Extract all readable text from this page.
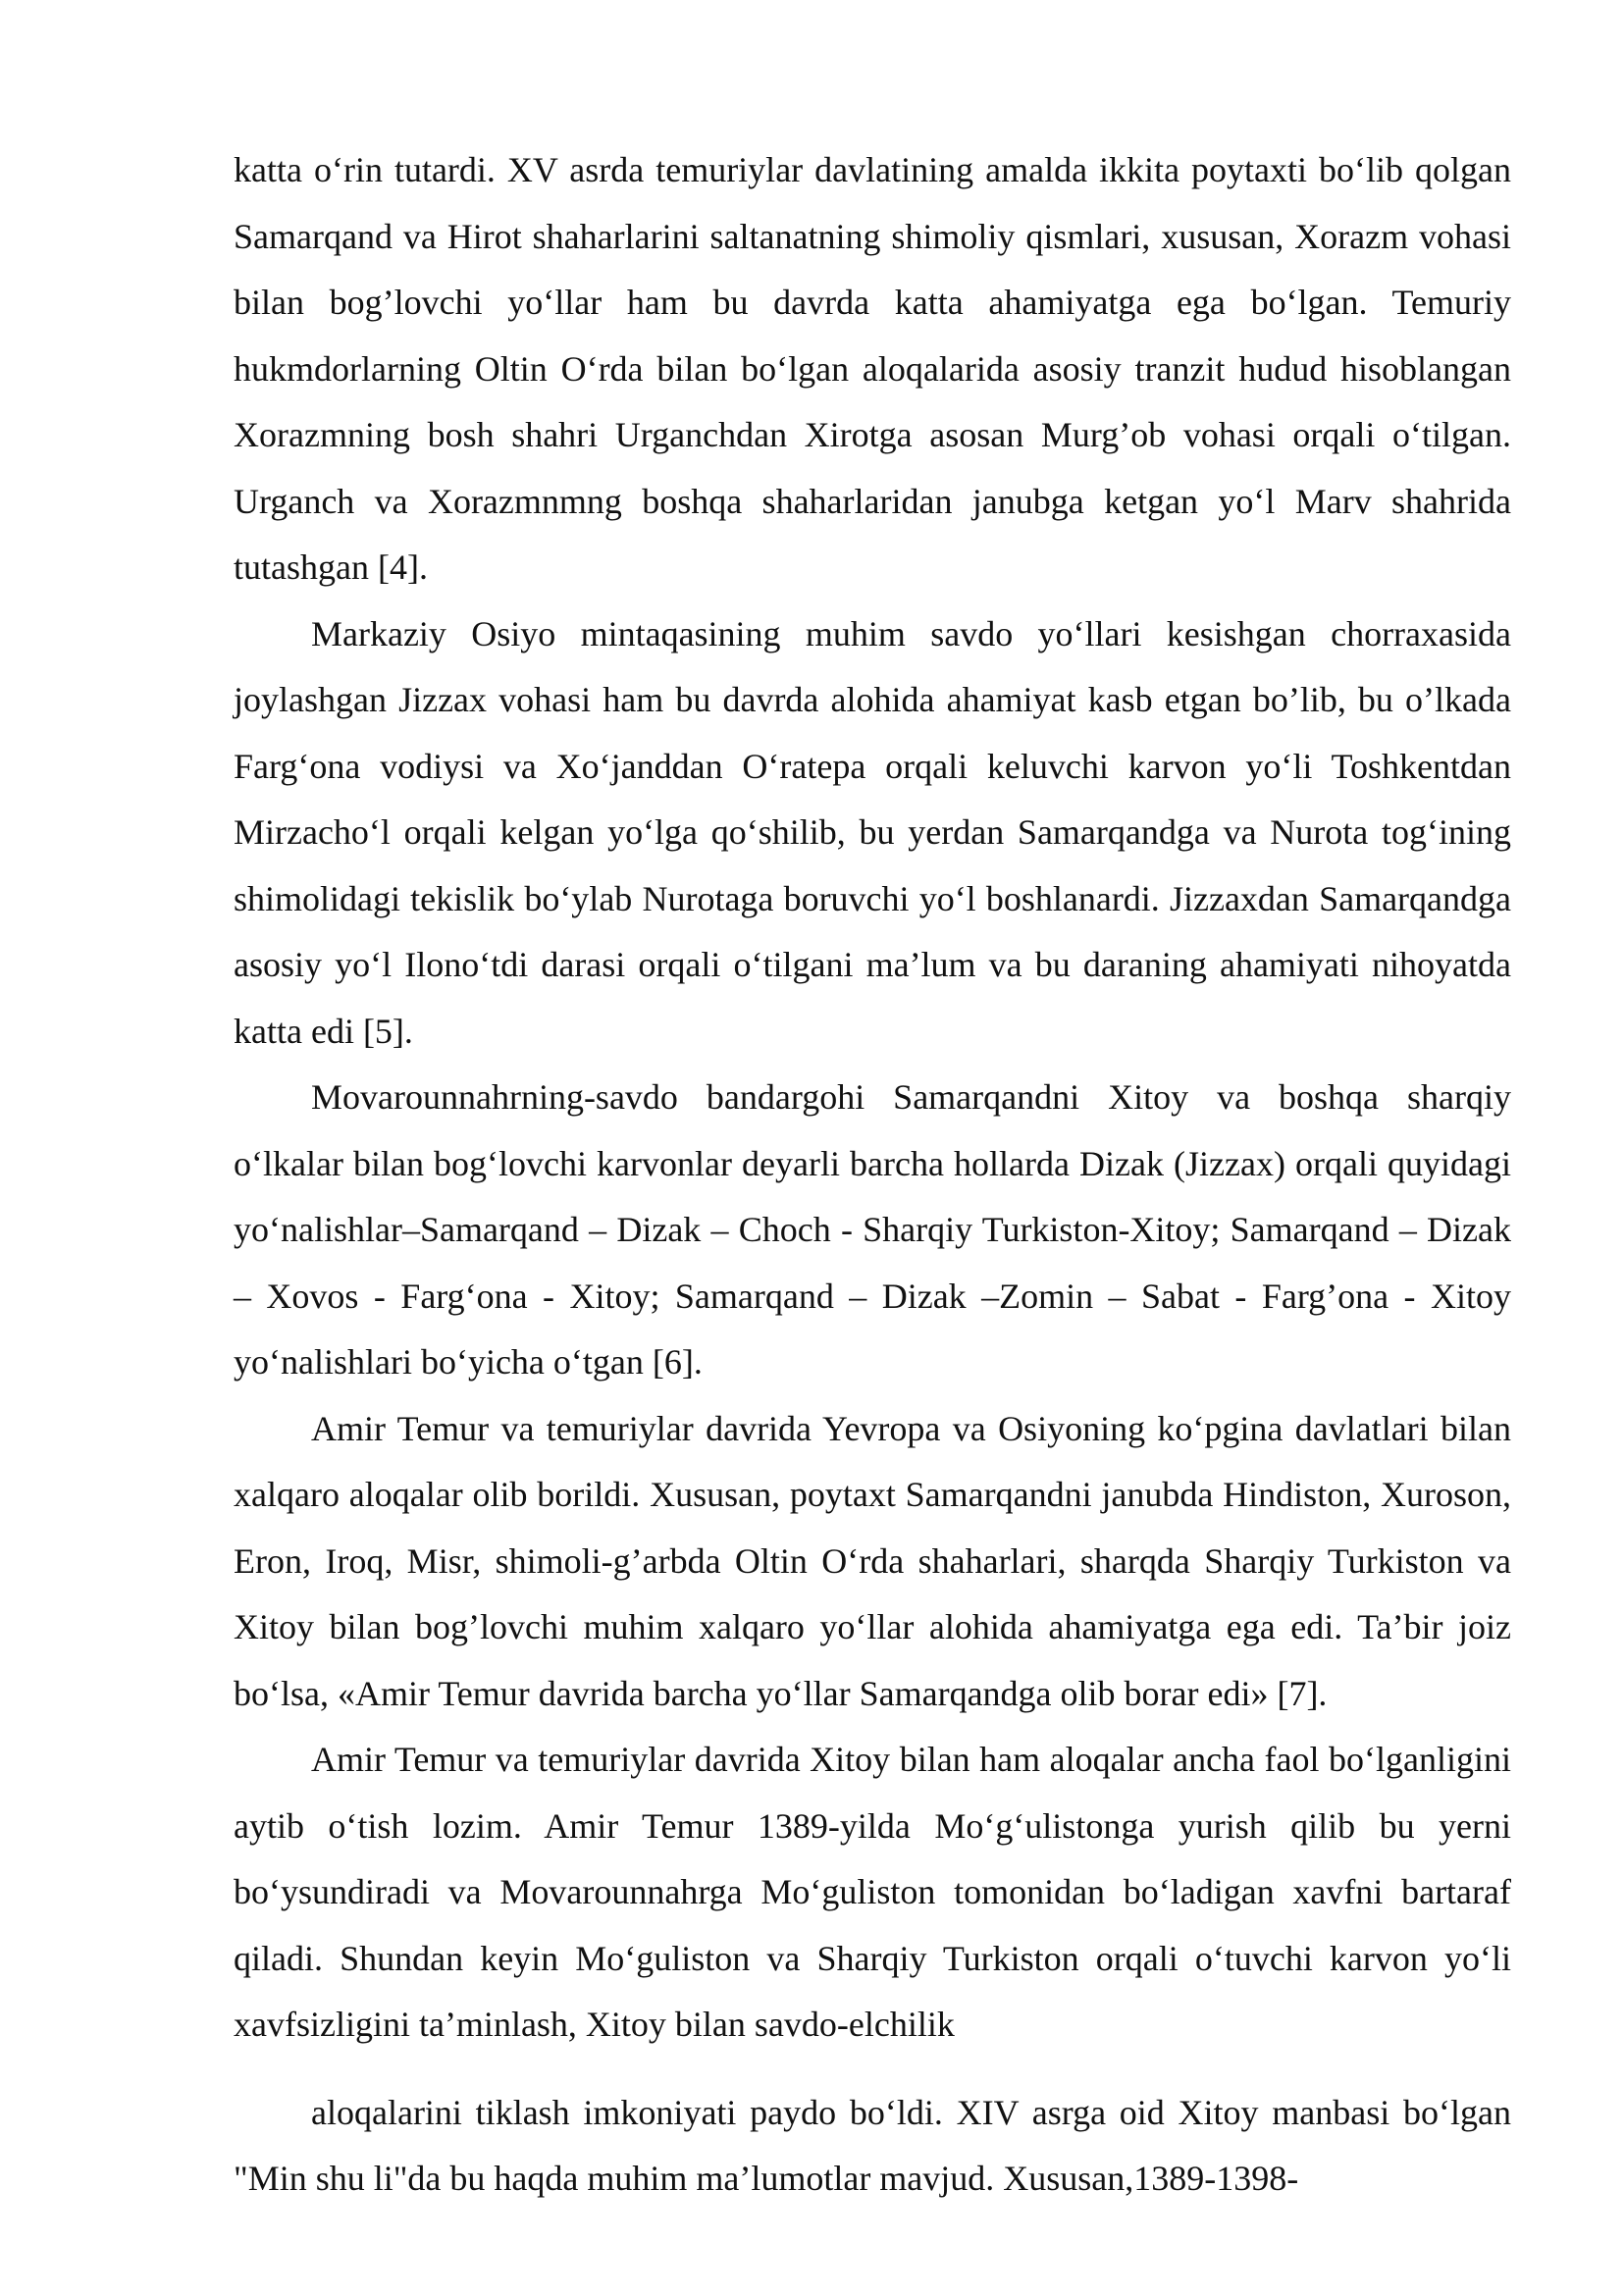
katta o‘rin tutardi. XV asrda temuriylar davlatining amalda ikkita poytaxti bo‘lib qolgan Samarqand va Hirot shaharlarini saltanatning shimoliy qismlari, xususan, Xorazm vohasi bilan bog’lovchi yo‘llar ham bu davrda katta ahamiyatga ega bo‘lgan. Temuriy hukmdorlarning Oltin O‘rda bilan bo‘lgan aloqalarida asosiy tranzit hudud hisoblangan Xorazmning bosh shahri Urganchdan Xirotga asosan Murg’ob vohasi orqali o‘tilgan. Urganch va Xorazmnmng boshqa shaharlaridan janubga ketgan yo‘l Marv shahrida tutashgan [4].

Markaziy Osiyo mintaqasining muhim savdo yo‘llari kesishgan chorraxasida joylashgan Jizzax vohasi ham bu davrda alohida ahamiyat kasb etgan bo’lib, bu o’lkada Farg‘ona vodiysi va Xo‘janddan O‘ratepa orqali keluvchi karvon yo‘li Toshkentdan Mirzacho‘l orqali kelgan yo‘lga qo‘shilib, bu yerdan Samarqandga va Nurota tog‘ining shimolidagi tekislik bo‘ylab Nurotaga boruvchi yo‘l boshlanardi. Jizzaxdan Samarqandga asosiy yo‘l Ilono‘tdi darasi orqali o‘tilgani ma’lum va bu daraning ahamiyati nihoyatda katta edi [5].

Movarounnahrning-savdo bandargohi Samarqandni Xitoy va boshqa sharqiy o‘lkalar bilan bog‘lovchi karvonlar deyarli barcha hollarda Dizak (Jizzax) orqali quyidagi yo‘nalishlar–Samarqand – Dizak – Choch - Sharqiy Turkiston-Xitoy; Samarqand – Dizak – Xovos - Farg‘ona - Xitoy; Samarqand – Dizak –Zomin – Sabat - Farg’ona - Xitoy yo‘nalishlari bo‘yicha o‘tgan [6].

Amir Temur va temuriylar davrida Yevropa va Osiyoning ko‘pgina davlatlari bilan xalqaro aloqalar olib borildi. Xususan, poytaxt Samarqandni janubda Hindiston, Xuroson, Eron, Iroq, Misr, shimoli-g’arbda Oltin O‘rda shaharlari, sharqda Sharqiy Turkiston va Xitoy bilan bog’lovchi muhim xalqaro yo‘llar alohida ahamiyatga ega edi. Ta’bir joiz bo‘lsa, «Amir Temur davrida barcha yo‘llar Samarqandga olib borar edi» [7].

Amir Temur va temuriylar davrida Xitoy bilan ham aloqalar ancha faol bo‘lganligini aytib o‘tish lozim. Amir Temur 1389-yilda Mo‘g‘ulistonga yurish qilib bu yerni bo‘ysundiradi va Movarounnahrga Mo‘guliston tomonidan bo‘ladigan xavfni bartaraf qiladi. Shundan keyin Mo‘guliston va Sharqiy Turkiston orqali o‘tuvchi karvon yo‘li xavfsizligini ta’minlash, Xitoy bilan savdo-elchilik

aloqalarini tiklash imkoniyati paydo bo‘ldi. XIV asrga oid Xitoy manbasi bo‘lgan "Min shu li"da bu haqda muhim ma’lumotlar mavjud. Xususan,1389-1398-
